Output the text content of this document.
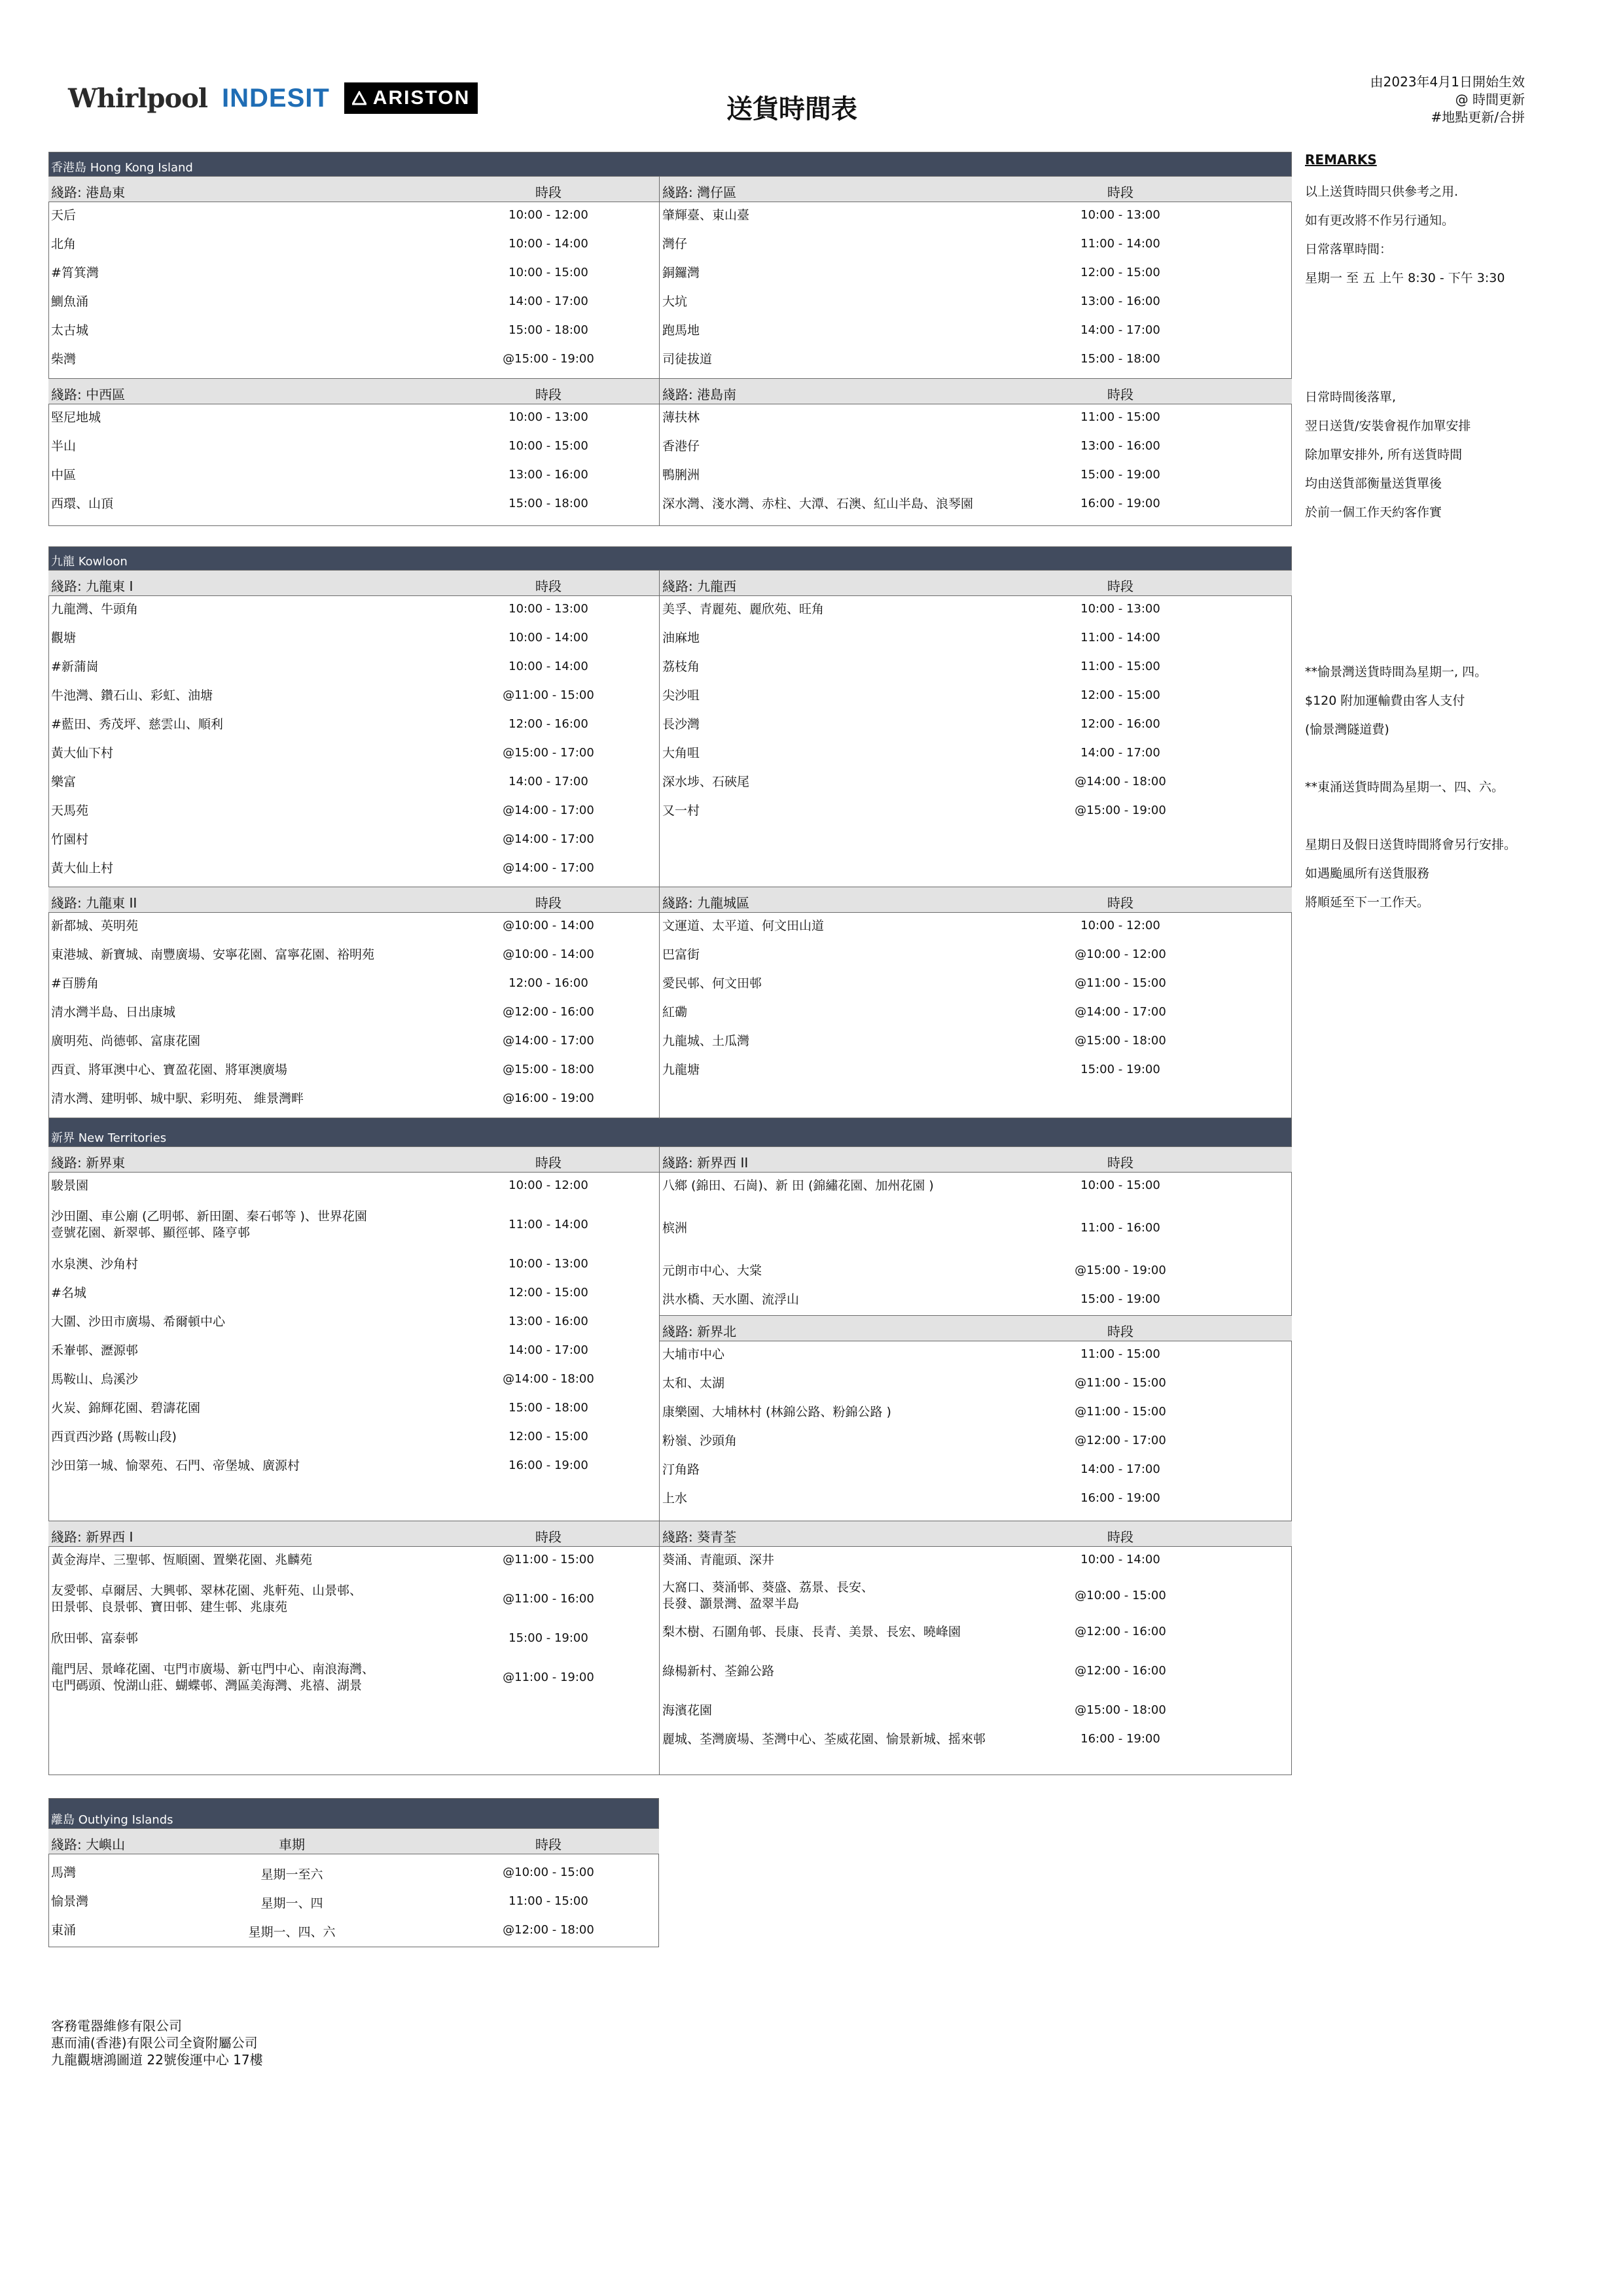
Whirlpool INDESIT ARISTON	送貨時間表
由2023年4月1日開始生效
@ 時間更新
#地點更新/合拼
香港島 Hong Kong Island
九龍 Kowloon
新界 New Territories
離島 Outlying Islands
綫路: 港島東	時段
天后	10:00 - 12:00
北角	10:00 - 14:00
#筲箕灣	10:00 - 15:00
鰂魚涌	14:00 - 17:00
太古城	15:00 - 18:00
柴灣	@15:00 - 19:00
綫路: 灣仔區	時段
肇輝臺、東山臺	10:00 - 13:00
灣仔	11:00 - 14:00
銅鑼灣	12:00 - 15:00
大坑	13:00 - 16:00
跑馬地	14:00 - 17:00
司徒拔道	15:00 - 18:00
綫路: 中西區	時段
堅尼地城	10:00 - 13:00
半山	10:00 - 15:00
中區	13:00 - 16:00
西環、山頂	15:00 - 18:00
綫路: 港島南	時段
薄扶林	11:00 - 15:00
香港仔	13:00 - 16:00
鴨脷洲	15:00 - 19:00
深水灣、淺水灣、赤柱、大潭、石澳、紅山半島、浪琴園	16:00 - 19:00
綫路: 九龍東 I	時段
九龍灣、牛頭角	10:00 - 13:00
觀塘	10:00 - 14:00
#新蒲崗	10:00 - 14:00
牛池灣、鑽石山、彩虹、油塘	@11:00 - 15:00
#藍田、秀茂坪、慈雲山、順利	12:00 - 16:00
黃大仙下村	@15:00 - 17:00
樂富	14:00 - 17:00
天馬苑	@14:00 - 17:00
竹園村	@14:00 - 17:00
黃大仙上村	@14:00 - 17:00
綫路: 九龍西	時段
美孚、青麗苑、麗欣苑、旺角	10:00 - 13:00
油麻地	11:00 - 14:00
荔枝角	11:00 - 15:00
尖沙咀	12:00 - 15:00
長沙灣	12:00 - 16:00
大角咀	14:00 - 17:00
深水埗、石硤尾	@14:00 - 18:00
又一村	@15:00 - 19:00
綫路: 九龍東 II	時段
新都城、英明苑	@10:00 - 14:00
東港城、新寶城、南豐廣場、安寧花園、富寧花園、裕明苑	@10:00 - 14:00
#百勝角	12:00 - 16:00
清水灣半島、日出康城	@12:00 - 16:00
廣明苑、尚德邨、富康花園	@14:00 - 17:00
西貢、將軍澳中心、寶盈花園、將軍澳廣場	@15:00 - 18:00
清水灣、建明邨、城中駅、彩明苑、 維景灣畔	@16:00 - 19:00
綫路: 九龍城區	時段
文運道、太平道、何文田山道	10:00 - 12:00
巴富街	@10:00 - 12:00
愛民邨、何文田邨	@11:00 - 15:00
紅磡	@14:00 - 17:00
九龍城、土瓜灣	@15:00 - 18:00
九龍塘	15:00 - 19:00
綫路: 新界東	時段
駿景園	10:00 - 12:00
沙田圍、車公廟 (乙明邨、新田圍、秦石邨等 )、世界花園
壹號花園、新翠邨、顯徑邨、隆亨邨
11:00 - 14:00
水泉澳、沙角村	10:00 - 13:00
#名城	12:00 - 15:00
大圍、沙田市廣場、希爾頓中心	13:00 - 16:00
禾輋邨、瀝源邨	14:00 - 17:00
馬鞍山、烏溪沙	@14:00 - 18:00
火炭、錦輝花園、碧濤花園	15:00 - 18:00
西貢西沙路 (馬鞍山段)	12:00 - 15:00
沙田第一城、愉翠苑、石門、帝堡城、廣源村	16:00 - 19:00
綫路: 新界西 II	時段
八鄉 (錦田、石崗)、新 田 (錦繡花園、加州花園 )	10:00 - 15:00
槟洲	11:00 - 16:00
元朗市中心、大棠	@15:00 - 19:00
洪水橋、天水圍、流浮山	15:00 - 19:00
綫路: 新界北	時段
大埔市中心	11:00 - 15:00
太和、太湖	@11:00 - 15:00
康樂園、大埔林村 (林錦公路、粉錦公路 )	@11:00 - 15:00
粉嶺、沙頭角	@12:00 - 17:00
汀角路	14:00 - 17:00
上水	16:00 - 19:00
綫路: 新界西 I	時段
黃金海岸、三聖邨、恆順園、置樂花園、兆麟苑	@11:00 - 15:00
友愛邨、卓爾居、大興邨、翠林花園、兆軒苑、山景邨、
田景邨、良景邨、寶田邨、建生邨、兆康苑
@11:00 - 16:00
欣田邨、富泰邨	15:00 - 19:00
龍門居、景峰花園、屯門市廣場、新屯門中心、南浪海灣、
屯門碼頭、悅湖山莊、蝴蝶邨、灣區美海灣、兆禧、湖景
@11:00 - 19:00
綫路: 葵青荃	時段
葵涌、青龍頭、深井	10:00 - 14:00
大窩口、葵涌邨、葵盛、荔景、長安、
長發、灝景灣、盈翠半島
@10:00 - 15:00
梨木樹、石圍角邨、長康、長青、美景、長宏、曉峰園	@12:00 - 16:00
綠楊新村、荃錦公路	@12:00 - 16:00
海濱花園	@15:00 - 18:00
麗城、荃灣廣場、荃灣中心、荃威花園、愉景新城、摇來邨	16:00 - 19:00
綫路: 大嶼山	車期	時段
馬灣	星期一至六	@10:00 - 15:00
愉景灣	星期一、四	11:00 - 15:00
東涌	星期一、四、六	@12:00 - 18:00
REMARKS
以上送貨時間只供參考之用.
如有更改將不作另行通知。
日常落單時間：
星期一 至 五 上午 8:30 - 下午 3:30
日常時間後落單,
翌日送貨/安裝會視作加單安排
除加單安排外, 所有送貨時間
均由送貨部衡量送貨單後
於前一個工作天約客作實
**愉景灣送貨時間為星期一, 四。
$120 附加運輸費由客人支付
(愉景灣隧道費)
**東涌送貨時間為星期一、四、六。
星期日及假日送貨時間將會另行安排。
如遇颱風所有送貨服務
將順延至下一工作天。
客務電器維修有限公司
惠而浦(香港)有限公司全資附屬公司
九龍觀塘鴻圖道 22號俊運中心 17樓
